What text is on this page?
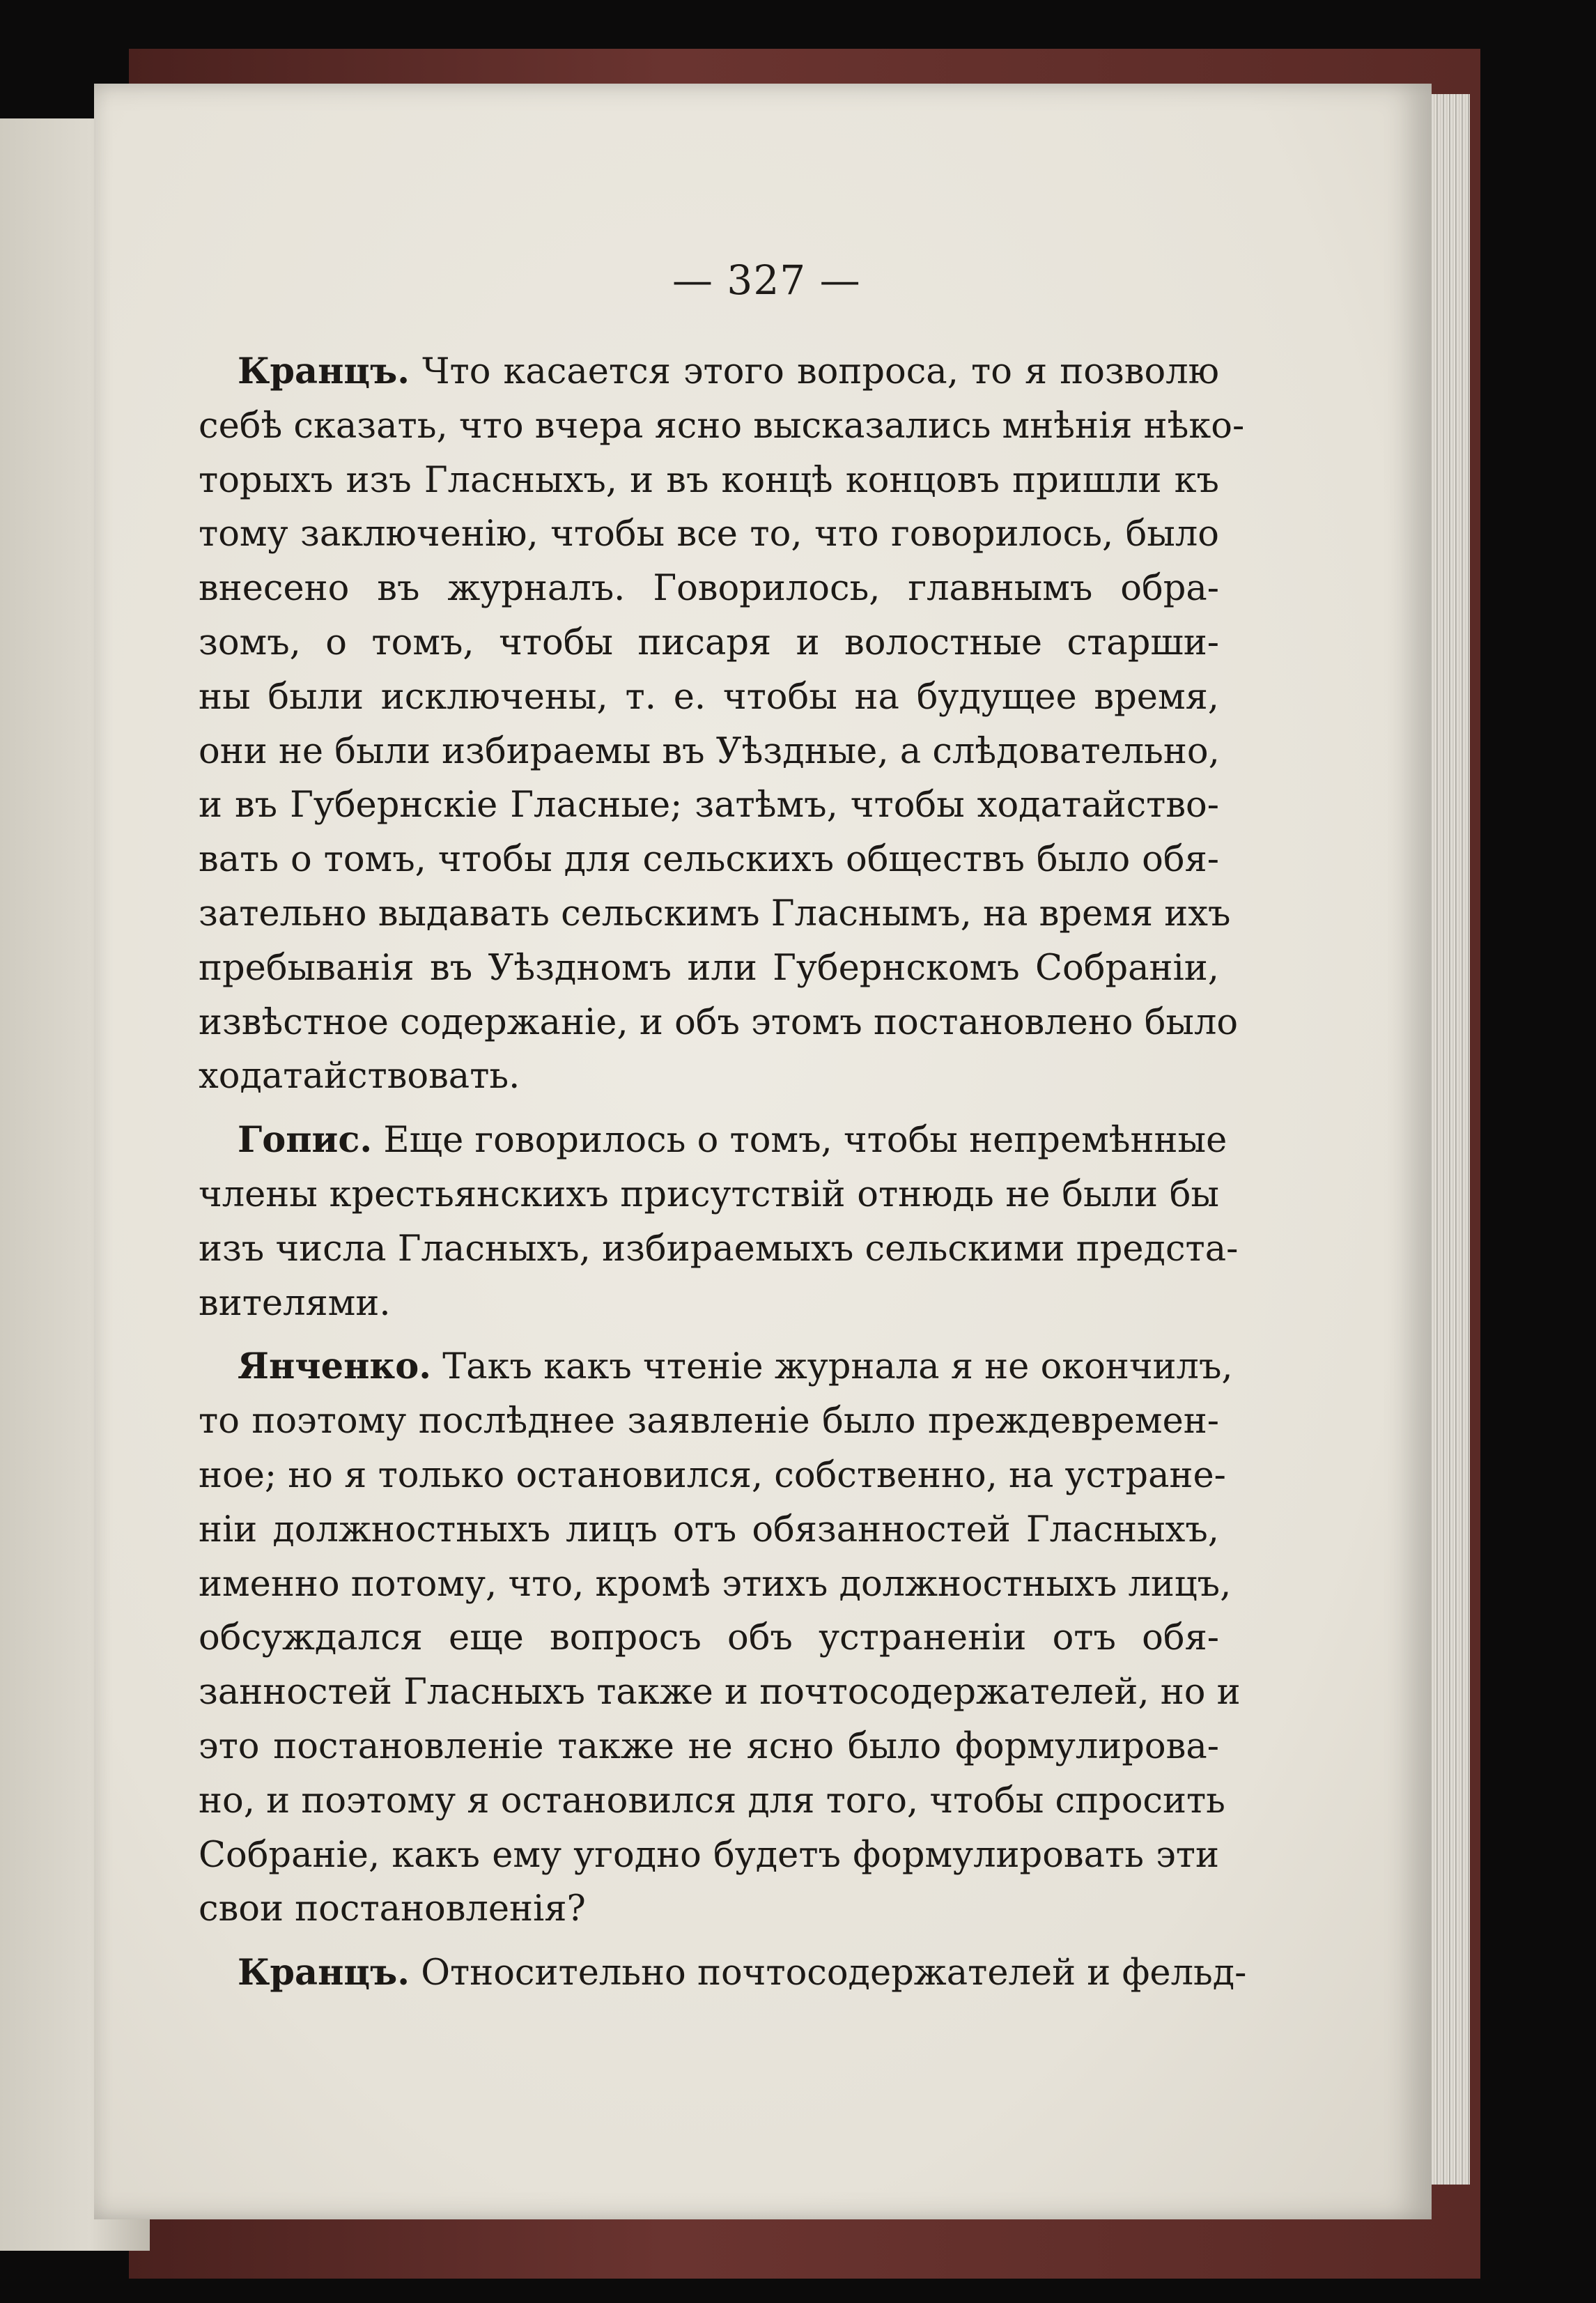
— 327 —
Кранцъ. Что касается этого вопроса, то я позволю
себѣ сказать, что вчера ясно высказались мнѣнія нѣко-
торыхъ изъ Гласныхъ, и въ концѣ концовъ пришли къ
тому заключенію, чтобы все то, что говорилось, было
внесено въ журналъ. Говорилось, главнымъ обра-
зомъ, о томъ, чтобы писаря и волостные старши-
ны были исключены, т. е. чтобы на будущее время,
они не были избираемы въ Уѣздные, а слѣдовательно,
и въ Губернскіе Гласные; затѣмъ, чтобы ходатайство-
вать о томъ, чтобы для сельскихъ обществъ было обя-
зательно выдавать сельскимъ Гласнымъ, на время ихъ
пребыванія въ Уѣздномъ или Губернскомъ Собраніи,
извѣстное содержаніе, и объ этомъ постановлено было
ходатайствовать.
Гопис. Еще говорилось о томъ, чтобы непремѣнные
члены крестьянскихъ присутствій отнюдь не были бы
изъ числа Гласныхъ, избираемыхъ сельскими предста-
вителями.
Янченко. Такъ какъ чтеніе журнала я не окончилъ,
то поэтому послѣднее заявленіе было преждевремен-
ное; но я только остановился, собственно, на устране-
ніи должностныхъ лицъ отъ обязанностей Гласныхъ,
именно потому, что, кромѣ этихъ должностныхъ лицъ,
обсуждался еще вопросъ объ устраненіи отъ обя-
занностей Гласныхъ также и почтосодержателей, но и
это постановленіе также не ясно было формулирова-
но, и поэтому я остановился для того, чтобы спросить
Собраніе, какъ ему угодно будетъ формулировать эти
свои постановленія?
Кранцъ. Относительно почтосодержателей и фельд-
